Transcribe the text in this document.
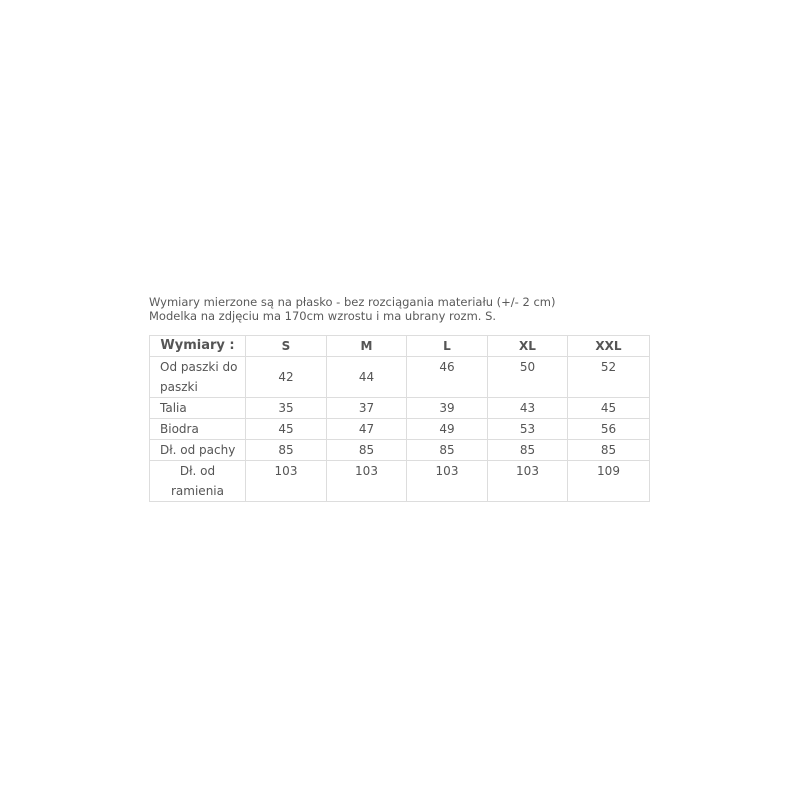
Wymiary mierzone są na płasko - bez rozciągania materiału (+/- 2 cm)
Modelka na zdjęciu ma 170cm wzrostu i ma ubrany rozm. S.
Wymiary :	S	M	L	XL	XXL

Od paszki do
paszki	42	44	46	50	52
Talia	35	37	39	43	45
Biodra	45	47	49	53	56
Dł. od pachy	85	85	85	85	85

Dł. od
ramienia	103	103	103	103	109
